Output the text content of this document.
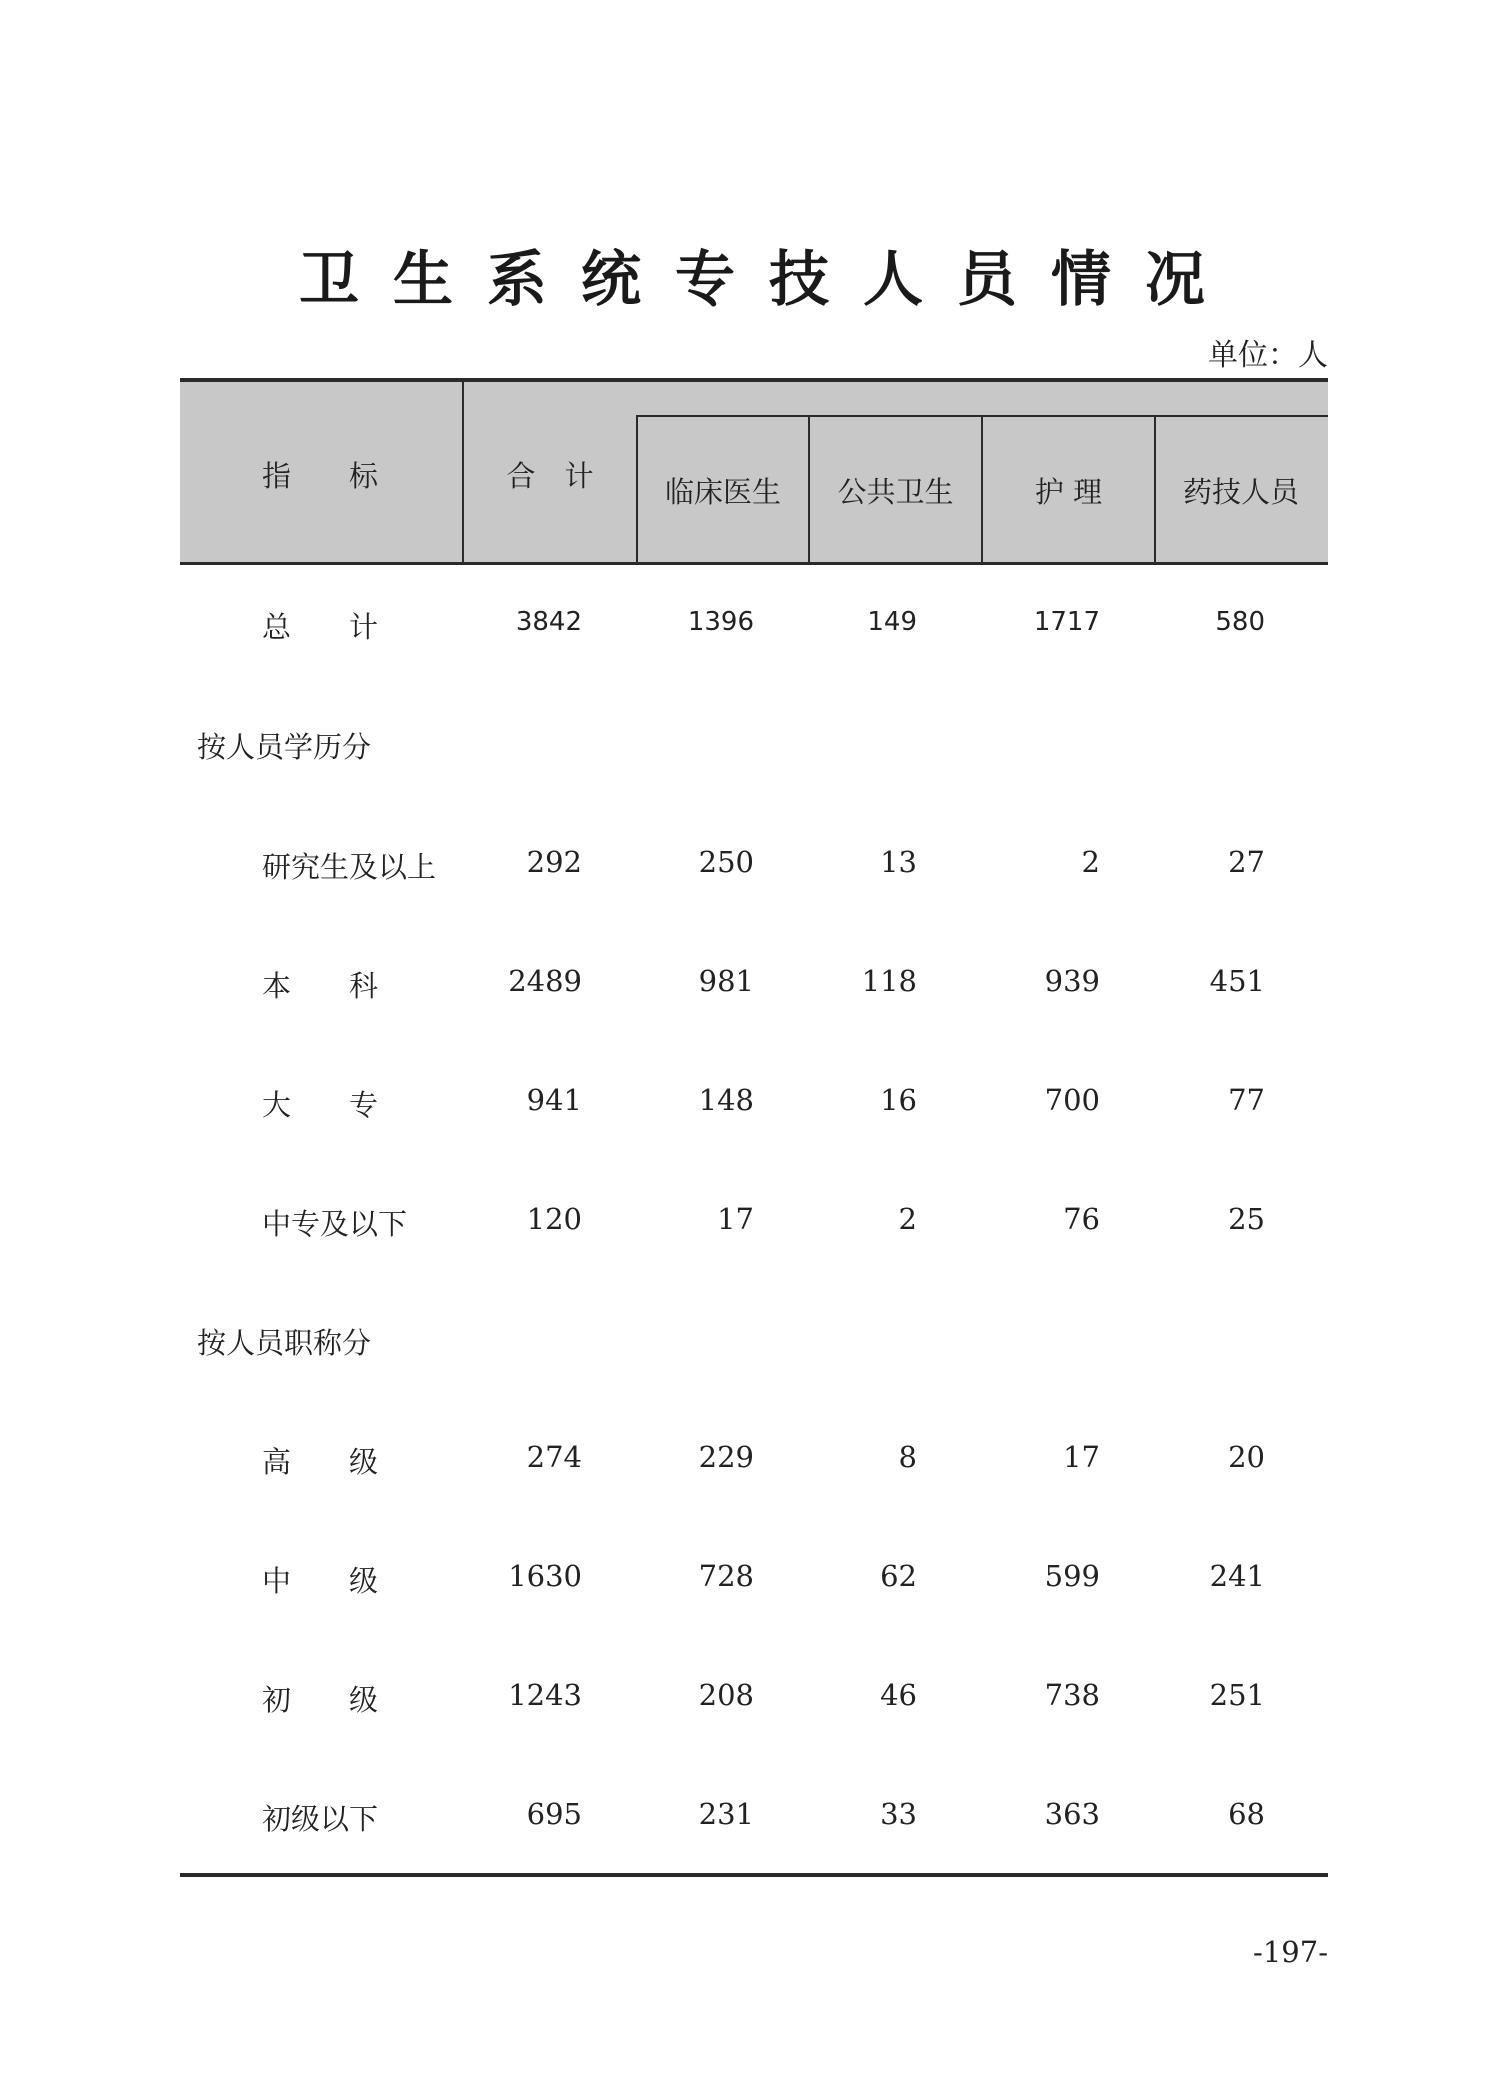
卫生系统专技人员情况
单位：人
指　　标	合　计	临床医生	公共卫生	护 理	药技人员
总　　计	3842	1396	149	1717	580
按人员学历分
研究生及以上	292	250	13	2	27
本　　科	2489	981	118	939	451
大　　专	941	148	16	700	77
中专及以下	120	17	2	76	25
按人员职称分
高　　级	274	229	8	17	20
中　　级	1630	728	62	599	241
初　　级	1243	208	46	738	251
初级以下	695	231	33	363	68
-197-
